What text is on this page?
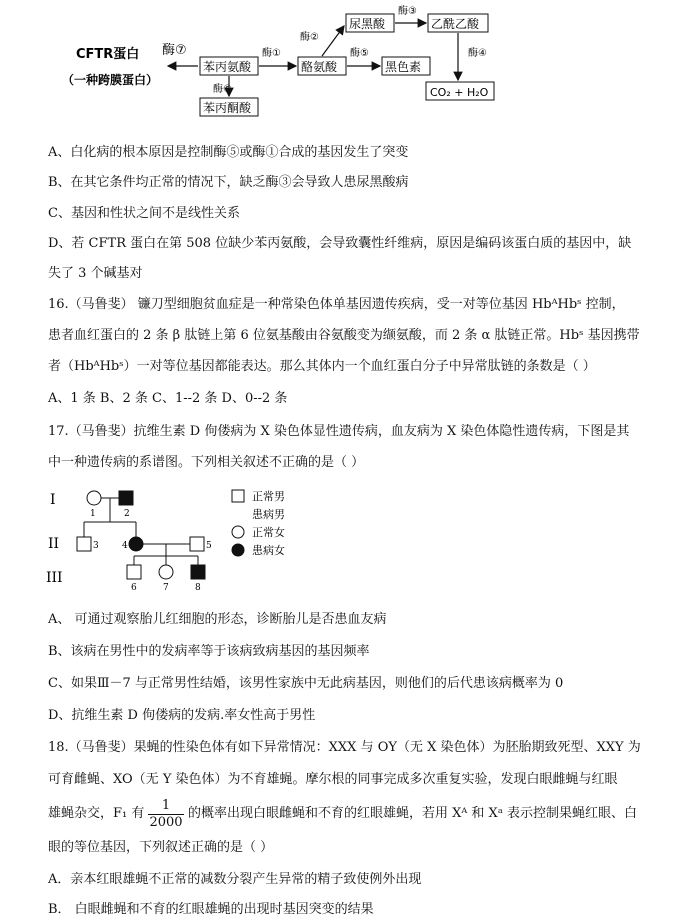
CFTR蛋白
（一种跨膜蛋白）
酶⑦
苯丙氨酸
酶①
酪氨酸
酶②
尿黑酸
酶③
乙酰乙酸
酶④
CO₂ + H₂O
酶⑤
黑色素
酶⑥
苯丙酮酸
A、白化病的根本原因是控制酶⑤或酶①合成的基因发生了突变
B、在其它条件均正常的情况下，缺乏酶③会导致人患尿黑酸病
C、基因和性状之间不是线性关系
D、若 CFTR 蛋白在第 508 位缺少苯丙氨酸，会导致囊性纤维病，原因是编码该蛋白质的基因中，缺
失了 3 个碱基对
16.（马鲁斐） 镰刀型细胞贫血症是一种常染色体单基因遗传疾病，受一对等位基因 HbᴬHbˢ 控制，
患者血红蛋白的 2 条 β 肽链上第 6 位氨基酸由谷氨酸变为缬氨酸，而 2 条 α 肽链正常。Hbˢ 基因携带
者（HbᴬHbˢ）一对等位基因都能表达。那么其体内一个血红蛋白分子中异常肽链的条数是（ ）
A、1 条 B、2 条 C、1--2 条 D、0--2 条
17.（马鲁斐）抗维生素 D 佝偻病为 X 染色体显性遗传病，血友病为 X 染色体隐性遗传病，下图是其
中一种遗传病的系谱图。下列相关叙述不正确的是（ ）
I
II
III
1	2
3	4	5
6	7	8
正常男
患病男
正常女
患病女
A、 可通过观察胎儿红细胞的形态，诊断胎儿是否患血友病
B、该病在男性中的发病率等于该病致病基因的基因频率
C、如果Ⅲ－7 与正常男性结婚，该男性家族中无此病基因，则他们的后代患该病概率为 0
D、抗维生素 D 佝偻病的发病.率女性高于男性
18.（马鲁斐）果蝇的性染色体有如下异常情况：XXX 与 OY（无 X 染色体）为胚胎期致死型、XXY 为
可育雌蝇、XO（无 Y 染色体）为不育雄蝇。摩尔根的同事完成多次重复实验，发现白眼雌蝇与红眼
雄蝇杂交，F₁ 有
1
2000
的概率出现白眼雌蝇和不育的红眼雄蝇，若用 Xᴬ 和 Xᵃ 表示控制果蝇红眼、白
眼的等位基因，下列叙述正确的是（ ）
A．亲本红眼雄蝇不正常的减数分裂产生异常的精子致使例外出现
B． 白眼雌蝇和不育的红眼雄蝇的出现时基因突变的结果
